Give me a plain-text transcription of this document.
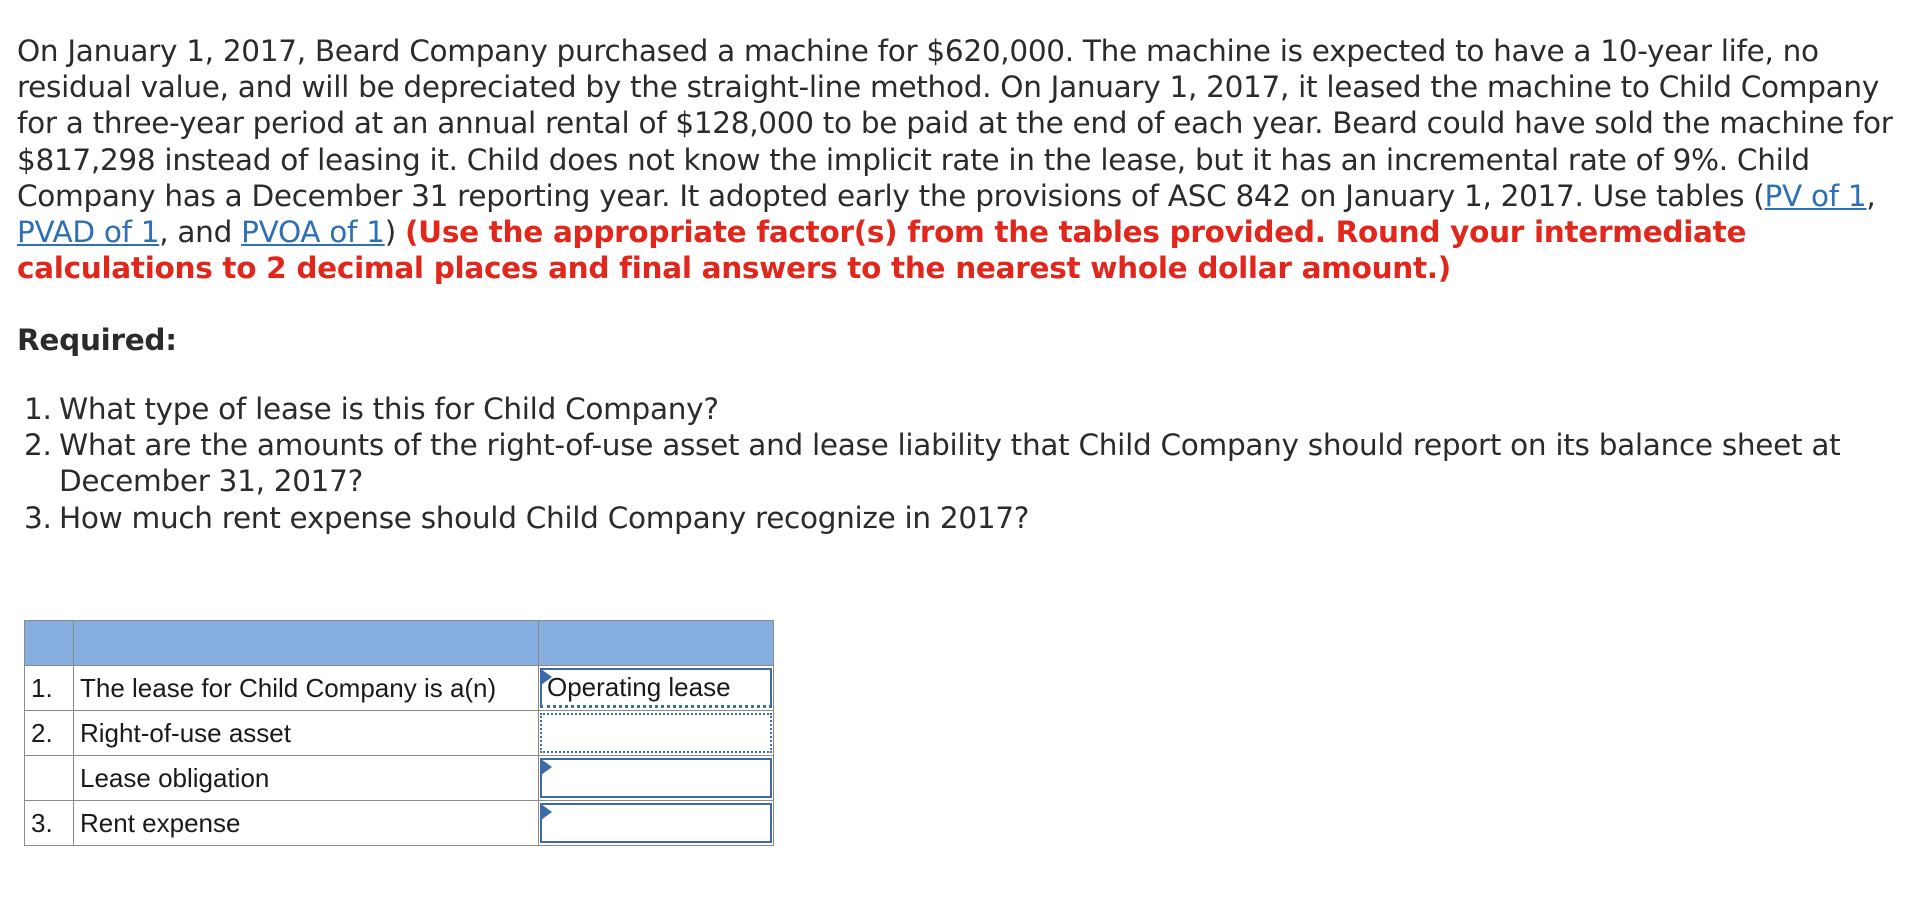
On January 1, 2017, Beard Company purchased a machine for $620,000. The machine is expected to have a 10-year life, no residual value, and will be depreciated by the straight-line method. On January 1, 2017, it leased the machine to Child Company for a three-year period at an annual rental of $128,000 to be paid at the end of each year. Beard could have sold the machine for $817,298 instead of leasing it. Child does not know the implicit rate in the lease, but it has an incremental rate of 9%. Child Company has a December 31 reporting year. It adopted early the provisions of ASC 842 on January 1, 2017. Use tables (PV of 1, PVAD of 1, and PVOA of 1) (Use the appropriate factor(s) from the tables provided. Round your intermediate calculations to 2 decimal places and final answers to the nearest whole dollar amount.)
Required:
1. What type of lease is this for Child Company?
2. What are the amounts of the right-of-use asset and lease liability that Child Company should report on its balance sheet at December 31, 2017?
3. How much rent expense should Child Company recognize in 2017?

1.	The lease for Child Company is a(n)	Operating lease

2.	Right-of-use asset	

	Lease obligation	

3.	Rent expense	
